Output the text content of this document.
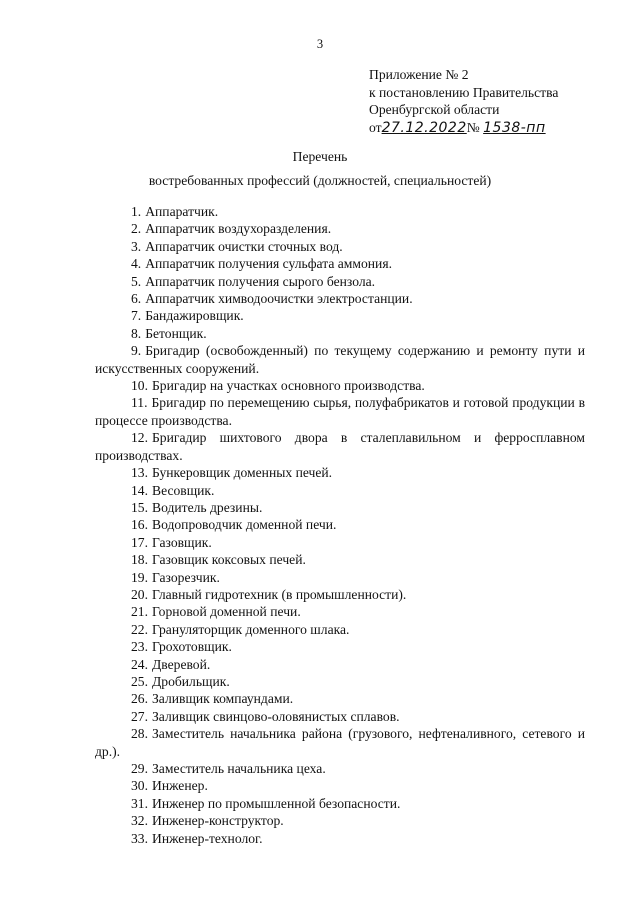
3
Приложение № 2
к постановлению Правительства
Оренбургской области
от27.12.2022№ 1538-пп
Перечень
востребованных профессий (должностей, специальностей)
1. Аппаратчик.
2. Аппаратчик воздухоразделения.
3. Аппаратчик очистки сточных вод.
4. Аппаратчик получения сульфата аммония.
5. Аппаратчик получения сырого бензола.
6. Аппаратчик химводоочистки электростанции.
7. Бандажировщик.
8. Бетонщик.
9. Бригадир (освобожденный) по текущему содержанию и ремонту пути и искусственных сооружений.
10. Бригадир на участках основного производства.
11. Бригадир по перемещению сырья, полуфабрикатов и готовой продукции в процессе производства.
12. Бригадир шихтового двора в сталеплавильном и ферросплавном производствах.
13. Бункеровщик доменных печей.
14. Весовщик.
15. Водитель дрезины.
16. Водопроводчик доменной печи.
17. Газовщик.
18. Газовщик коксовых печей.
19. Газорезчик.
20. Главный гидротехник (в промышленности).
21. Горновой доменной печи.
22. Грануляторщик доменного шлака.
23. Грохотовщик.
24. Дверевой.
25. Дробильщик.
26. Заливщик компаундами.
27. Заливщик свинцово-оловянистых сплавов.
28. Заместитель начальника района (грузового, нефтеналивного, сетевого и др.).
29. Заместитель начальника цеха.
30. Инженер.
31. Инженер по промышленной безопасности.
32. Инженер-конструктор.
33. Инженер-технолог.
